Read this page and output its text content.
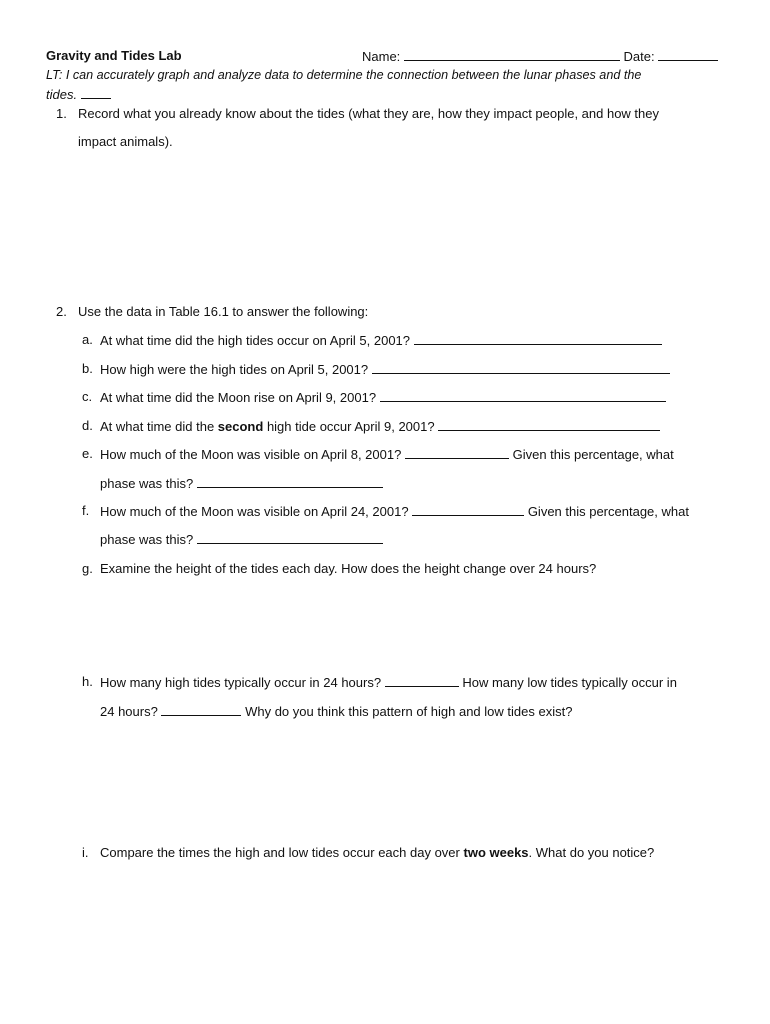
Gravity and Tides Lab	Name:	Date:
LT: I can accurately graph and analyze data to determine the connection between the lunar phases and the
tides.
1. Record what you already know about the tides (what they are, how they impact people, and how they
impact animals).
2. Use the data in Table 16.1 to answer the following:
a. At what time did the high tides occur on April 5, 2001?
b. How high were the high tides on April 5, 2001?
c. At what time did the Moon rise on April 9, 2001?
d. At what time did the second high tide occur April 9, 2001?
e. How much of the Moon was visible on April 8, 2001?	Given this percentage, what
phase was this?
f. How much of the Moon was visible on April 24, 2001?	Given this percentage, what
phase was this?
g. Examine the height of the tides each day. How does the height change over 24 hours?
h. How many high tides typically occur in 24 hours?	How many low tides typically occur in
24 hours?	Why do you think this pattern of high and low tides exist?
i. Compare the times the high and low tides occur each day over two weeks. What do you notice?
